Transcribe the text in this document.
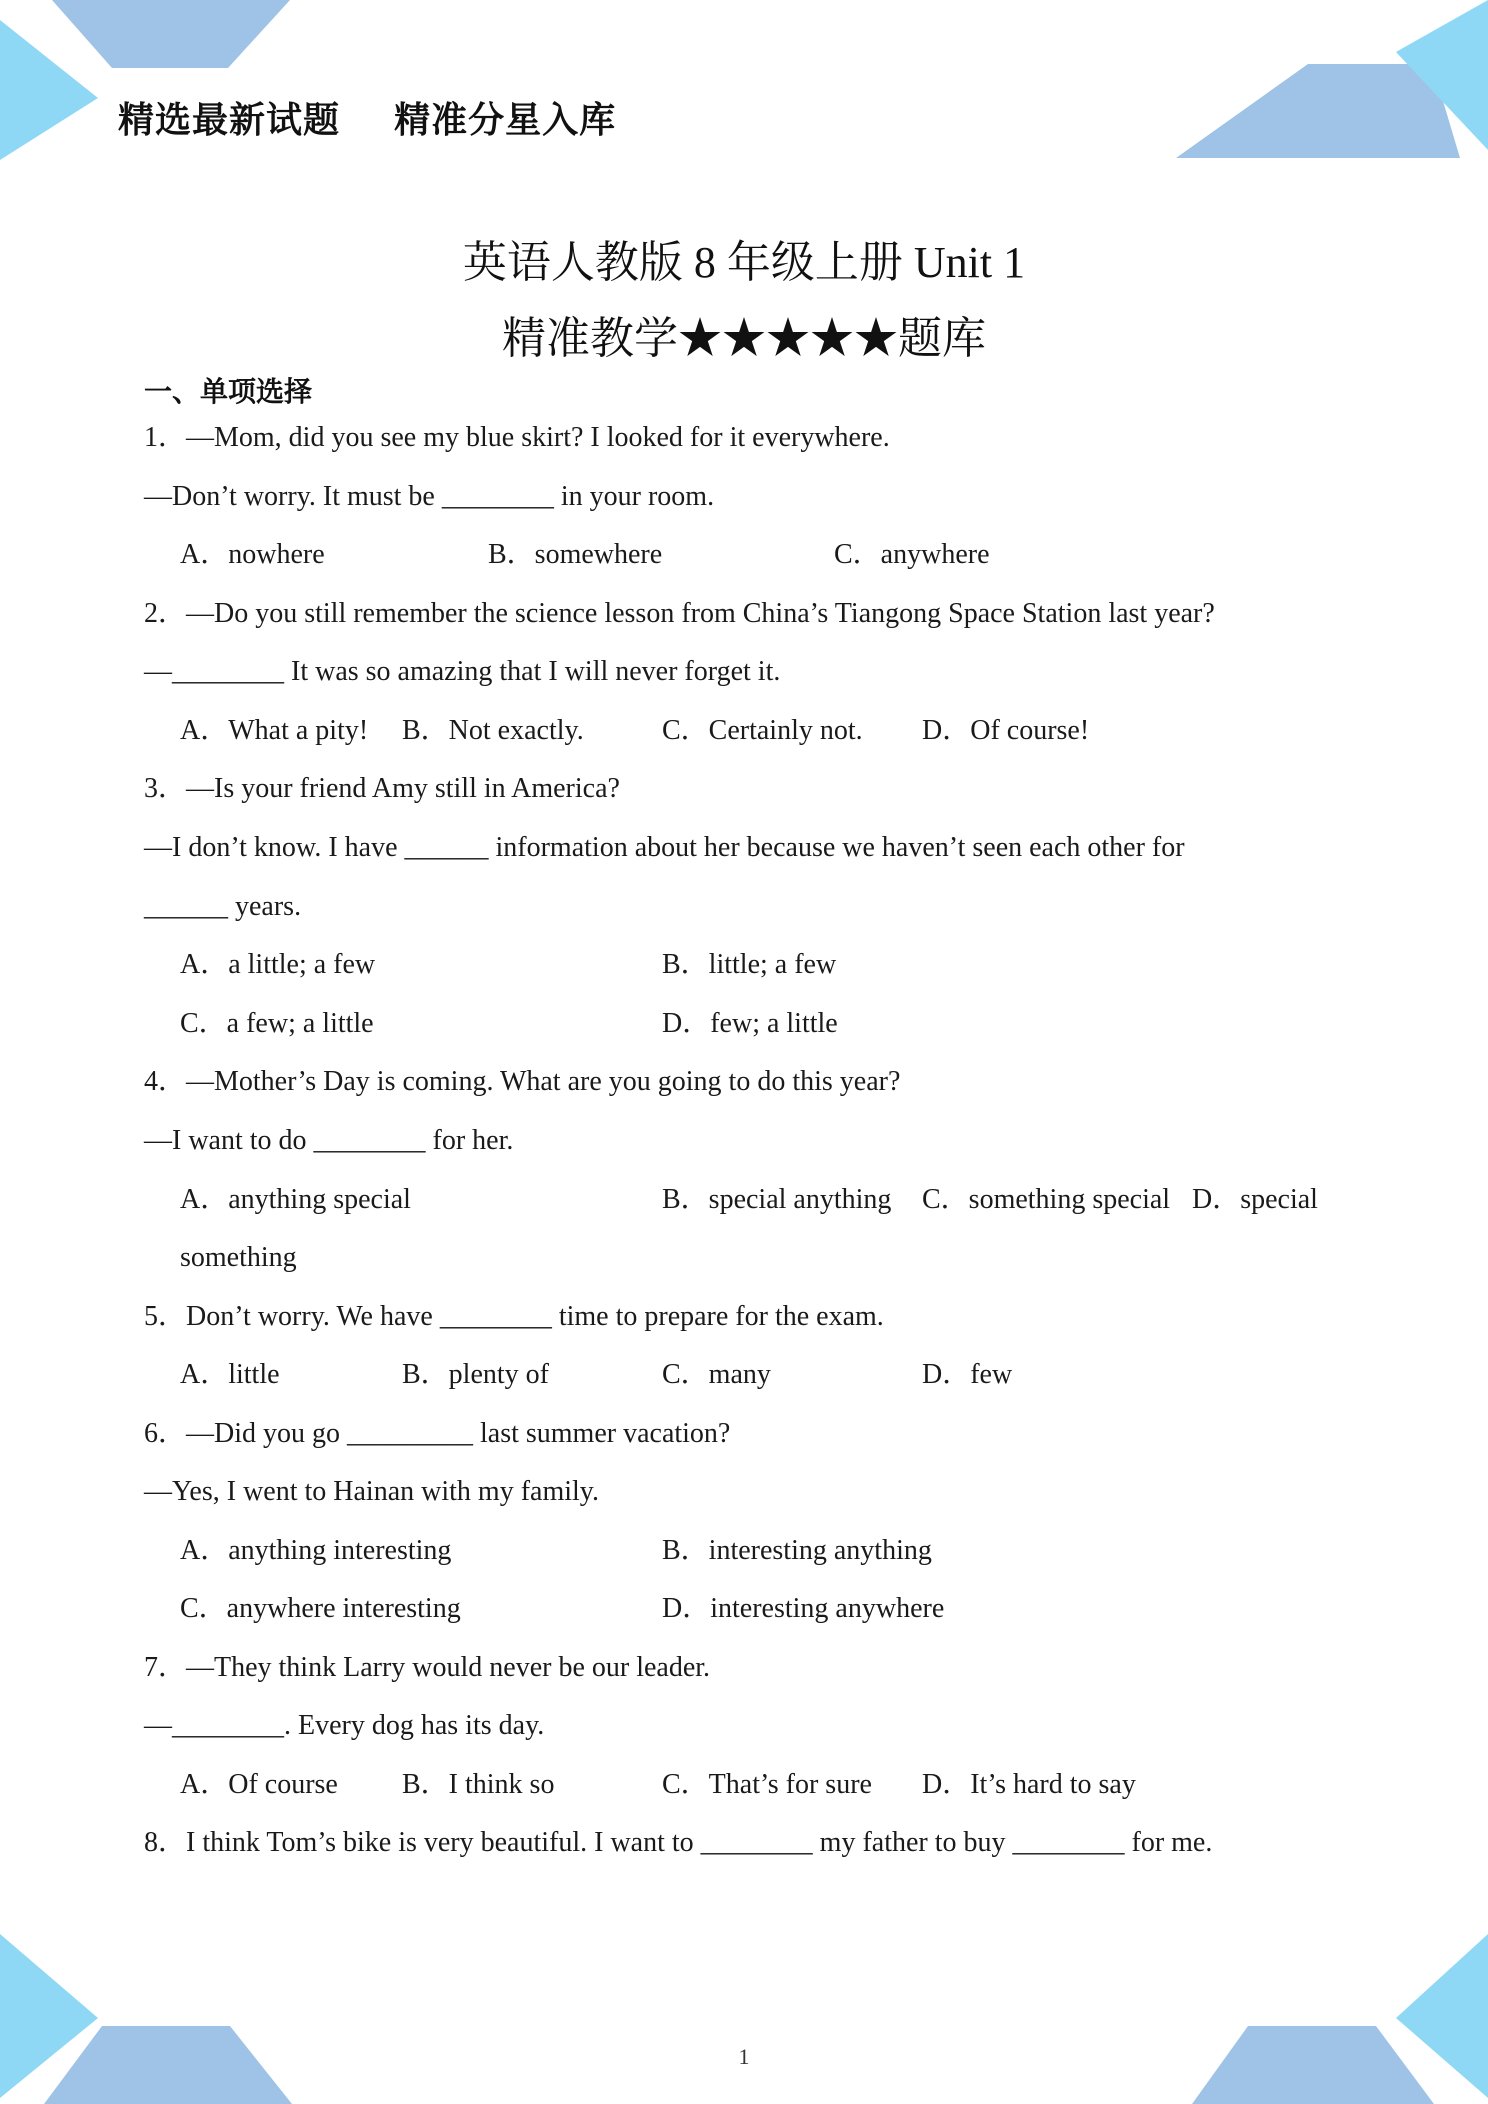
精选最新试题    精准分星入库
英语人教版 8 年级上册 Unit 1
精准教学★★★★★题库
一、单项选择
1．—Mom, did you see my blue skirt? I looked for it everywhere.
—Don’t worry. It must be ________ in your room.
A．nowhere	B．somewhere	C．anywhere
2．—Do you still remember the science lesson from China’s Tiangong Space Station last year?
—________ It was so amazing that I will never forget it.
A．What a pity! B．Not exactly.	C．Certainly not. D．Of course!
3．—Is your friend Amy still in America?
—I don’t know. I have ______ information about her because we haven’t seen each other for
______ years.
A．a little; a few	B．little; a few
C．a few; a little	D．few; a little
4．—Mother’s Day is coming. What are you going to do this year?
—I want to do ________ for her.
A．anything special	B．special anything C．something special D．special
something
5．Don’t worry. We have ________ time to prepare for the exam.
A．little	B．plenty of	C．many	D．few
6．—Did you go _________ last summer vacation?
—Yes, I went to Hainan with my family.
A．anything interesting	B．interesting anything
C．anywhere interesting	D．interesting anywhere
7．—They think Larry would never be our leader.
—________. Every dog has its day.
A．Of course B．I think so	C．That’s for sure D．It’s hard to say
8．I think Tom’s bike is very beautiful. I want to ________ my father to buy ________ for me.
1
